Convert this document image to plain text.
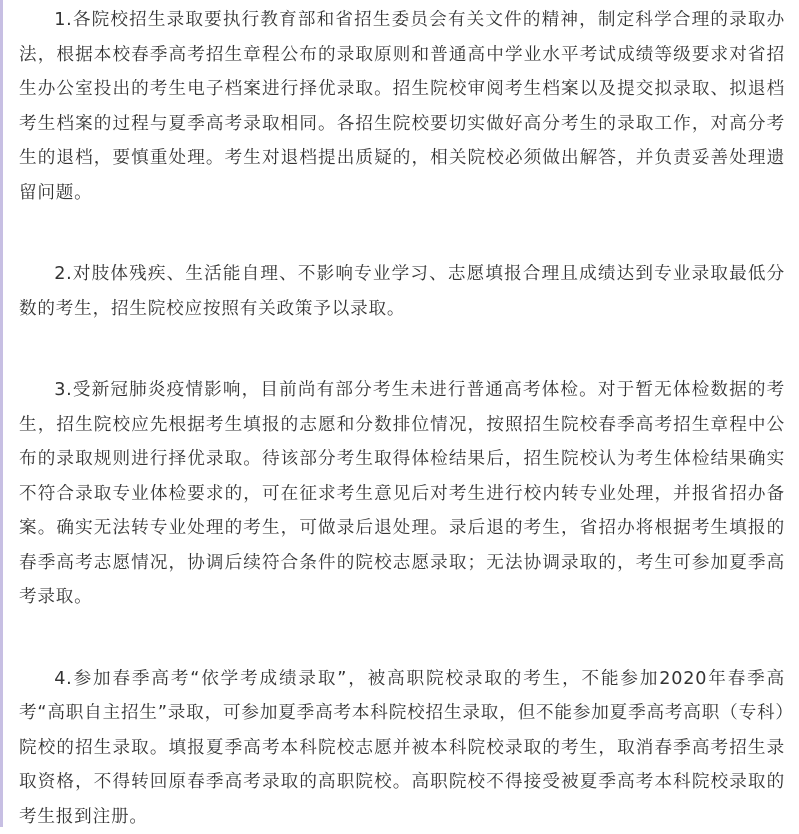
1.各院校招生录取要执行教育部和省招生委员会有关文件的精神，制定科学合理的录取办法，根据本校春季高考招生章程公布的录取原则和普通高中学业水平考试成绩等级要求对省招生办公室投出的考生电子档案进行择优录取。招生院校审阅考生档案以及提交拟录取、拟退档考生档案的过程与夏季高考录取相同。各招生院校要切实做好高分考生的录取工作，对高分考生的退档，要慎重处理。考生对退档提出质疑的，相关院校必须做出解答，并负责妥善处理遗留问题。

2.对肢体残疾、生活能自理、不影响专业学习、志愿填报合理且成绩达到专业录取最低分数的考生，招生院校应按照有关政策予以录取。

3.受新冠肺炎疫情影响，目前尚有部分考生未进行普通高考体检。对于暂无体检数据的考生，招生院校应先根据考生填报的志愿和分数排位情况，按照招生院校春季高考招生章程中公布的录取规则进行择优录取。待该部分考生取得体检结果后，招生院校认为考生体检结果确实不符合录取专业体检要求的，可在征求考生意见后对考生进行校内转专业处理，并报省招办备案。确实无法转专业处理的考生，可做录后退处理。录后退的考生，省招办将根据考生填报的春季高考志愿情况，协调后续符合条件的院校志愿录取；无法协调录取的，考生可参加夏季高考录取。

4.参加春季高考“依学考成绩录取”，被高职院校录取的考生，不能参加2020年春季高考“高职自主招生”录取，可参加夏季高考本科院校招生录取，但不能参加夏季高考高职（专科）院校的招生录取。填报夏季高考本科院校志愿并被本科院校录取的考生，取消春季高考招生录取资格，不得转回原春季高考录取的高职院校。高职院校不得接受被夏季高考本科院校录取的考生报到注册。
